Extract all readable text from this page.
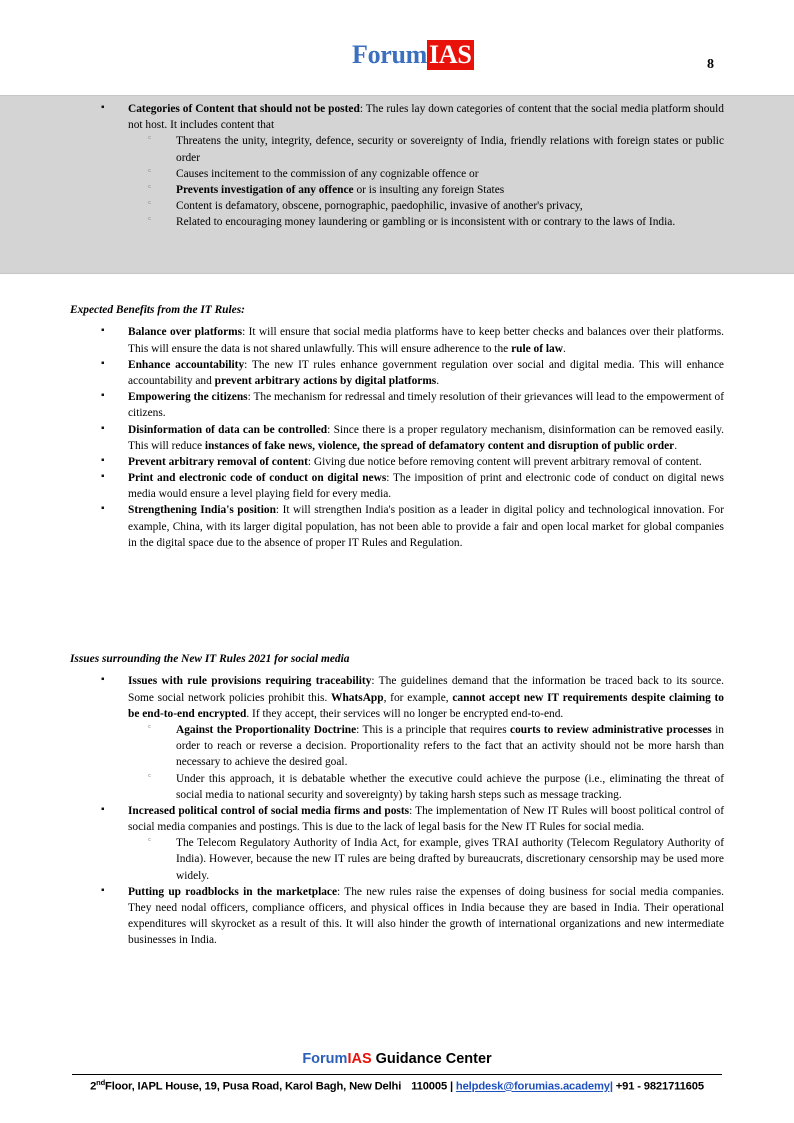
ForumIAS	8
▪ Categories of Content that should not be posted: The rules lay down categories of content that the social media platform should not host. It includes content that
ᶜ Threatens the unity, integrity, defence, security or sovereignty of India, friendly relations with foreign states or public order
ᶜ Causes incitement to the commission of any cognizable offence or
ᶜ Prevents investigation of any offence or is insulting any foreign States
ᶜ Content is defamatory, obscene, pornographic, paedophilic, invasive of another's privacy,
ᶜ Related to encouraging money laundering or gambling or is inconsistent with or contrary to the laws of India.
Expected Benefits from the IT Rules:
▪ Balance over platforms: It will ensure that social media platforms have to keep better checks and balances over their platforms. This will ensure the data is not shared unlawfully. This will ensure adherence to the rule of law.
▪ Enhance accountability: The new IT rules enhance government regulation over social and digital media. This will enhance accountability and prevent arbitrary actions by digital platforms.
▪ Empowering the citizens: The mechanism for redressal and timely resolution of their grievances will lead to the empowerment of citizens.
▪ Disinformation of data can be controlled: Since there is a proper regulatory mechanism, disinformation can be removed easily. This will reduce instances of fake news, violence, the spread of defamatory content and disruption of public order.
▪ Prevent arbitrary removal of content: Giving due notice before removing content will prevent arbitrary removal of content.
▪ Print and electronic code of conduct on digital news: The imposition of print and electronic code of conduct on digital news media would ensure a level playing field for every media.
▪ Strengthening India's position: It will strengthen India's position as a leader in digital policy and technological innovation. For example, China, with its larger digital population, has not been able to provide a fair and open local market for global companies in the digital space due to the absence of proper IT Rules and Regulation.
Issues surrounding the New IT Rules 2021 for social media
▪ Issues with rule provisions requiring traceability: The guidelines demand that the information be traced back to its source. Some social network policies prohibit this. WhatsApp, for example, cannot accept new IT requirements despite claiming to be end-to-end encrypted. If they accept, their services will no longer be encrypted end-to-end.
ᶜ Against the Proportionality Doctrine: This is a principle that requires courts to review administrative processes in order to reach or reverse a decision. Proportionality refers to the fact that an activity should not be more harsh than necessary to achieve the desired goal.
ᶜ Under this approach, it is debatable whether the executive could achieve the purpose (i.e., eliminating the threat of social media to national security and sovereignty) by taking harsh steps such as message tracking.
▪ Increased political control of social media firms and posts: The implementation of New IT Rules will boost political control of social media companies and postings. This is due to the lack of legal basis for the New IT Rules for social media.
ᶜ The Telecom Regulatory Authority of India Act, for example, gives TRAI authority (Telecom Regulatory Authority of India). However, because the new IT rules are being drafted by bureaucrats, discretionary censorship may be used more widely.
▪ Putting up roadblocks in the marketplace: The new rules raise the expenses of doing business for social media companies. They need nodal officers, compliance officers, and physical offices in India because they are based in India. Their operational expenditures will skyrocket as a result of this. It will also hinder the growth of international organizations and new intermediate businesses in India.
ForumIAS Guidance Center
2ndFloor, IAPL House, 19, Pusa Road, Karol Bagh, New Delhi 110005 | helpdesk@forumias.academy| +91 - 9821711605
